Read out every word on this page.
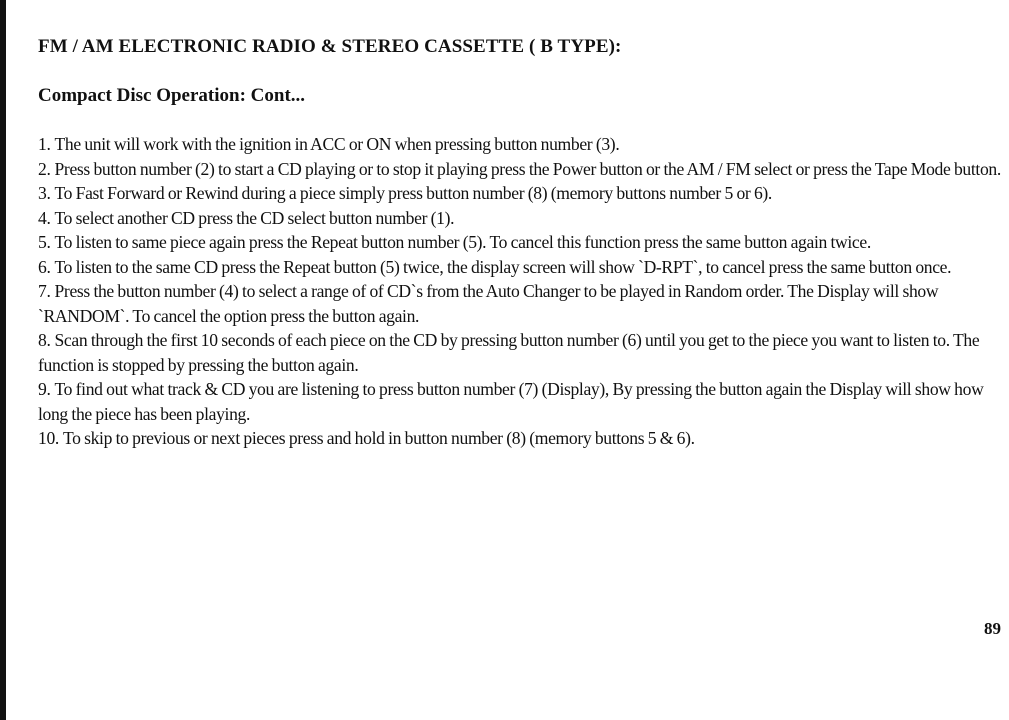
FM / AM ELECTRONIC RADIO & STEREO CASSETTE ( B TYPE):
Compact Disc Operation: Cont...
1. The unit will work with the ignition in ACC or ON when pressing button number (3).
2. Press button number (2) to start a CD playing or to stop it playing press the Power button or the AM / FM select or press the Tape Mode button.
3. To Fast Forward or Rewind during a piece simply press button number (8) (memory buttons number 5 or 6).
4. To select another CD press the CD select button number (1).
5. To listen to same piece again press the Repeat button number (5). To cancel this function press the same button again twice.
6. To listen to the same CD press the Repeat button (5) twice, the display screen will show `D-RPT`, to cancel press the same button once.
7. Press the button number (4) to select a range of of CD`s from the Auto Changer to be played in Random order. The Display will show `RANDOM`. To cancel the option press the button again.
8. Scan through the first 10 seconds of each piece on the CD by pressing button number (6) until you get to the piece you want to listen to. The function is stopped by pressing the button again.
9. To find out what track & CD you are listening to press button number (7) (Display), By pressing the button again the Display will show how long the piece has been playing.
10. To skip to previous or next pieces press and hold in button number (8) (memory buttons 5 & 6).
89
